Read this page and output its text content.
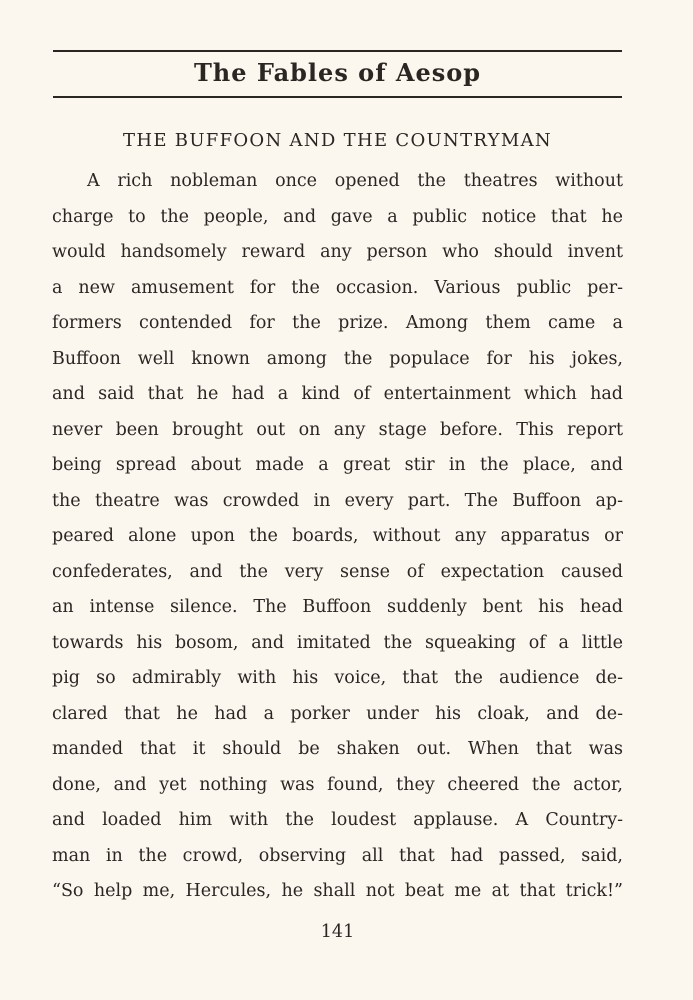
The Fables of Aesop
THE BUFFOON AND THE COUNTRYMAN
A rich nobleman once opened the theatres without
charge to the people, and gave a public notice that he
would handsomely reward any person who should invent
a new amusement for the occasion. Various public per-
formers contended for the prize. Among them came a
Buffoon well known among the populace for his jokes,
and said that he had a kind of entertainment which had
never been brought out on any stage before. This report
being spread about made a great stir in the place, and
the theatre was crowded in every part. The Buffoon ap-
peared alone upon the boards, without any apparatus or
confederates, and the very sense of expectation caused
an intense silence. The Buffoon suddenly bent his head
towards his bosom, and imitated the squeaking of a little
pig so admirably with his voice, that the audience de-
clared that he had a porker under his cloak, and de-
manded that it should be shaken out. When that was
done, and yet nothing was found, they cheered the actor,
and loaded him with the loudest applause. A Country-
man in the crowd, observing all that had passed, said,
“So help me, Hercules, he shall not beat me at that trick!”
141
